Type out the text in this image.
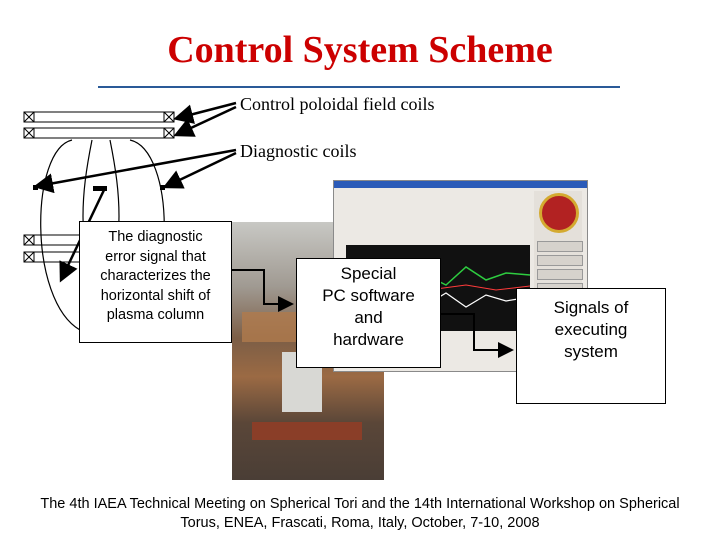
Control System Scheme
Control poloidal field coils
Diagnostic coils
The diagnostic
error signal that
characterizes the
horizontal shift of
plasma column
Special
PC software
and
hardware
Signals of
executing
system
The 4th IAEA Technical Meeting on Spherical Tori and the 14th International Workshop on Spherical
Torus, ENEA, Frascati, Roma, Italy, October, 7-10, 2008
